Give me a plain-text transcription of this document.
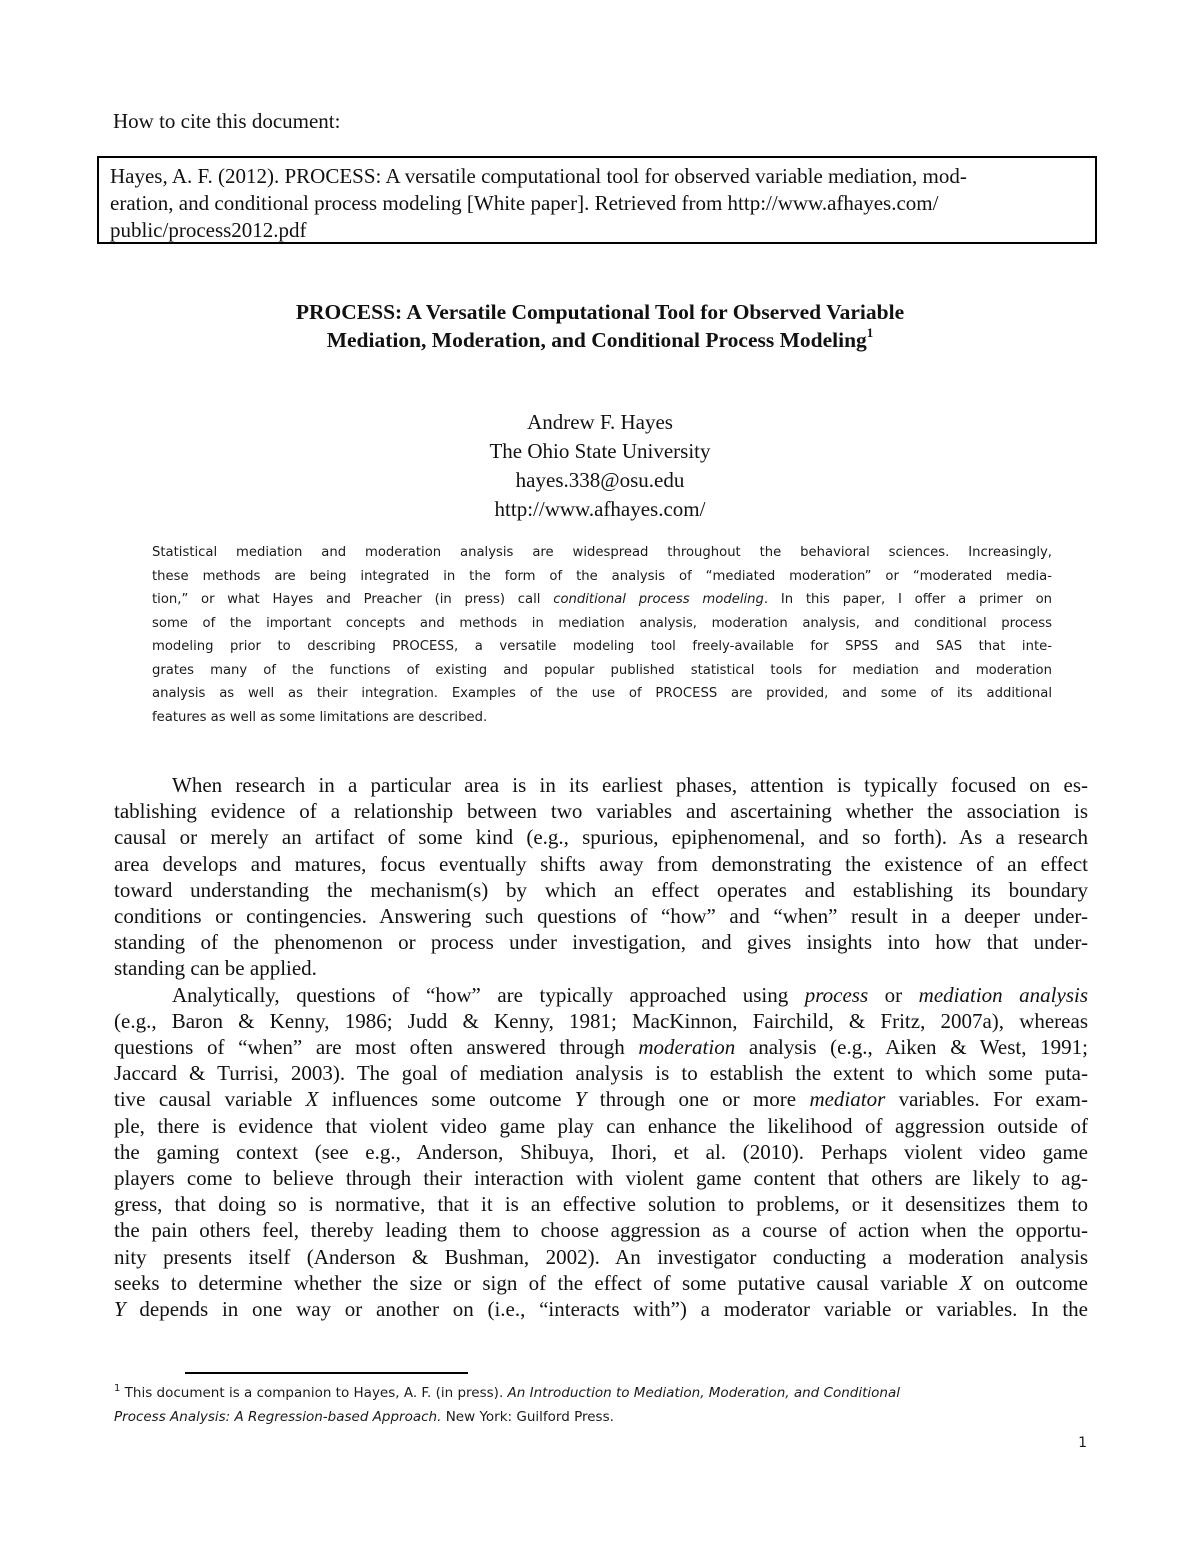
How to cite this document:
Hayes, A. F. (2012). PROCESS: A versatile computational tool for observed variable mediation, mod-
eration, and conditional process modeling [White paper]. Retrieved from http://www.afhayes.com/
public/process2012.pdf
PROCESS: A Versatile Computational Tool for Observed Variable
Mediation, Moderation, and Conditional Process Modeling$^1$
Andrew F. Hayes
The Ohio State University
hayes.338@osu.edu
http://www.afhayes.com/
Statistical mediation and moderation analysis are widespread throughout the behavioral sciences. Increasingly,
these methods are being integrated in the form of the analysis of “mediated moderation” or “moderated media-
tion,” or what Hayes and Preacher (in press) call conditional process modeling. In this paper, I offer a primer on
some of the important concepts and methods in mediation analysis, moderation analysis, and conditional process
modeling prior to describing PROCESS, a versatile modeling tool freely-available for SPSS and SAS that inte-
grates many of the functions of existing and popular published statistical tools for mediation and moderation
analysis as well as their integration. Examples of the use of PROCESS are provided, and some of its additional
features as well as some limitations are described.
When research in a particular area is in its earliest phases, attention is typically focused on es-
tablishing evidence of a relationship between two variables and ascertaining whether the association is
causal or merely an artifact of some kind (e.g., spurious, epiphenomenal, and so forth). As a research
area develops and matures, focus eventually shifts away from demonstrating the existence of an effect
toward understanding the mechanism(s) by which an effect operates and establishing its boundary
conditions or contingencies. Answering such questions of “how” and “when” result in a deeper under-
standing of the phenomenon or process under investigation, and gives insights into how that under-
standing can be applied.
Analytically, questions of “how” are typically approached using process or mediation analysis
(e.g., Baron & Kenny, 1986; Judd & Kenny, 1981; MacKinnon, Fairchild, & Fritz, 2007a), whereas
questions of “when” are most often answered through moderation analysis (e.g., Aiken & West, 1991;
Jaccard & Turrisi, 2003). The goal of mediation analysis is to establish the extent to which some puta-
tive causal variable X influences some outcome Y through one or more mediator variables. For exam-
ple, there is evidence that violent video game play can enhance the likelihood of aggression outside of
the gaming context (see e.g., Anderson, Shibuya, Ihori, et al. (2010). Perhaps violent video game
players come to believe through their interaction with violent game content that others are likely to ag-
gress, that doing so is normative, that it is an effective solution to problems, or it desensitizes them to
the pain others feel, thereby leading them to choose aggression as a course of action when the opportu-
nity presents itself (Anderson & Bushman, 2002). An investigator conducting a moderation analysis
seeks to determine whether the size or sign of the effect of some putative causal variable X on outcome
Y depends in one way or another on (i.e., “interacts with”) a moderator variable or variables. In the
$^1$ This document is a companion to Hayes, A. F. (in press). An Introduction to Mediation, Moderation, and Conditional
Process Analysis: A Regression-based Approach. New York: Guilford Press.
1
